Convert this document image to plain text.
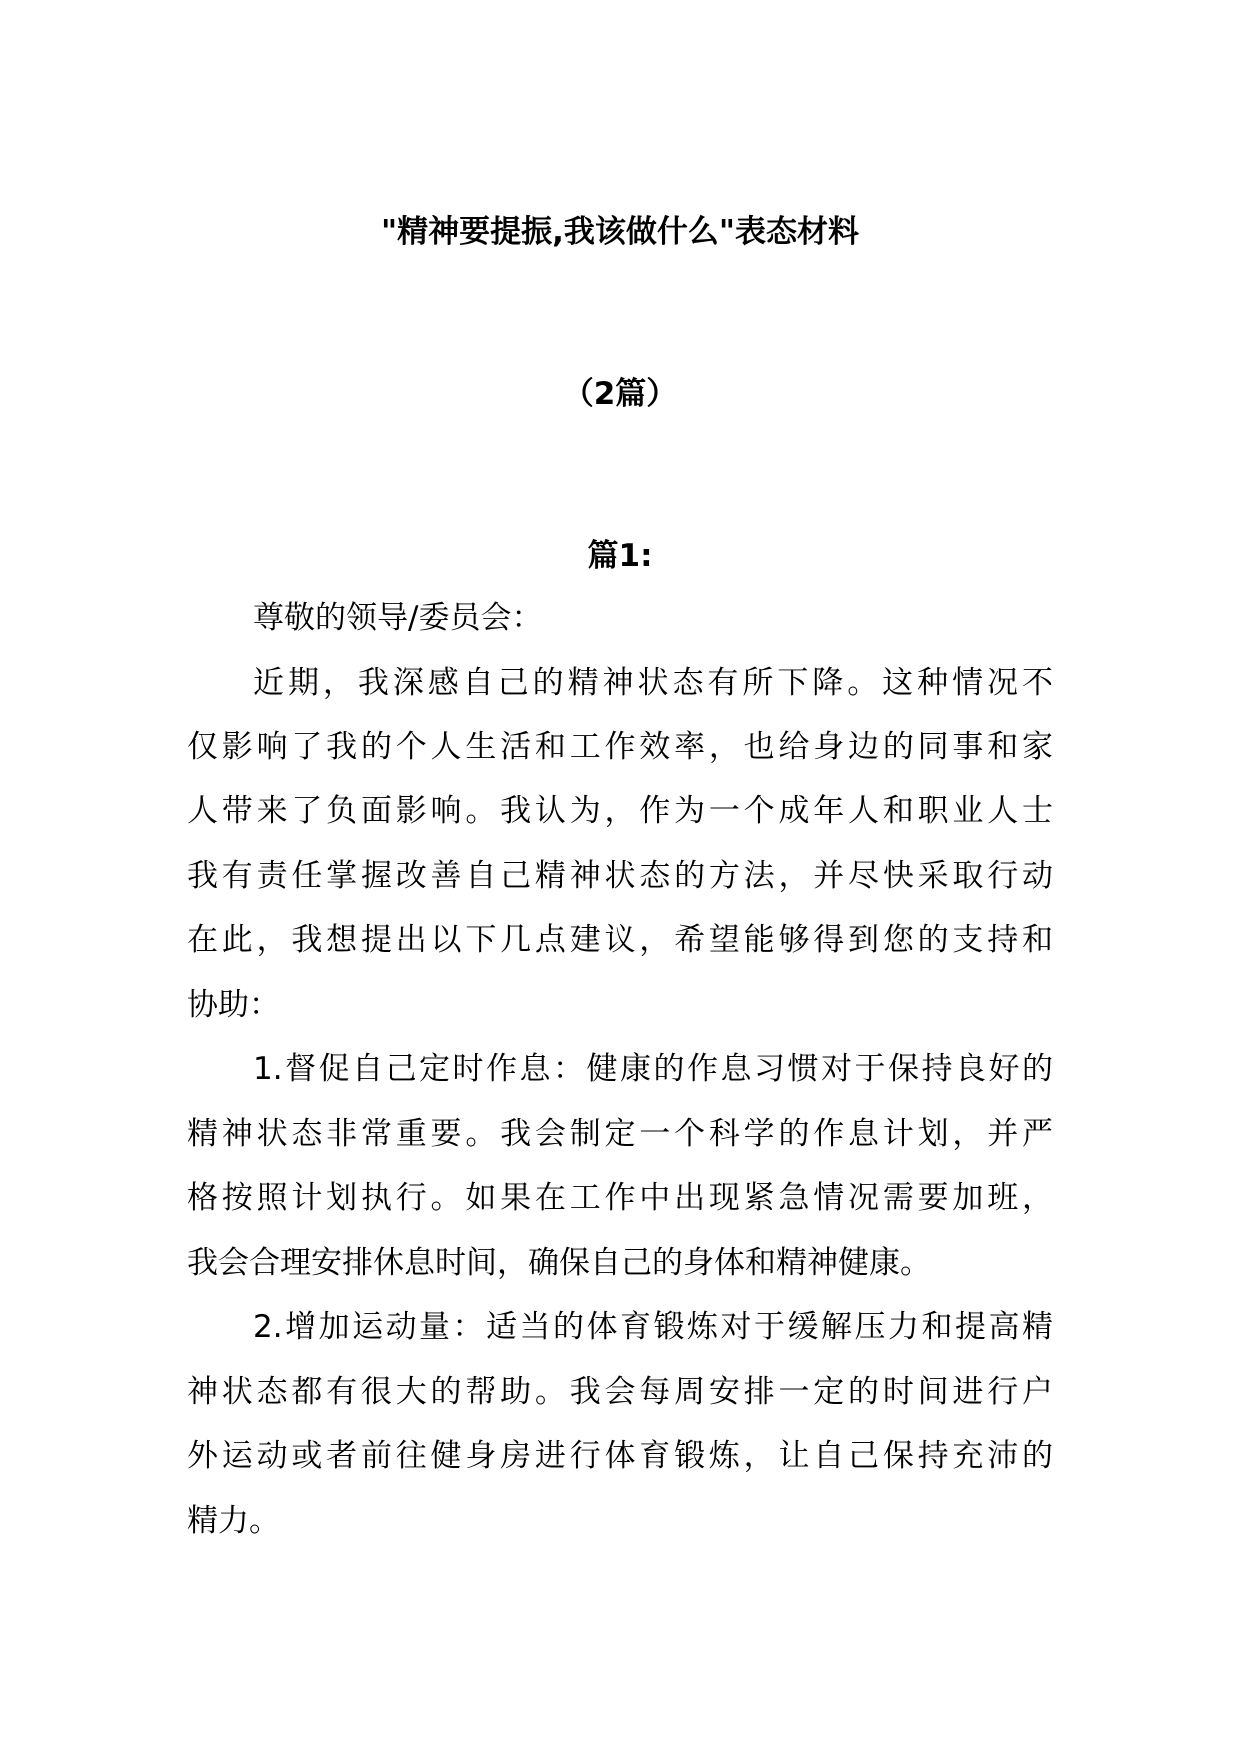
"精神要提振,我该做什么"表态材料
（2篇）
篇1:
尊敬的领导/委员会：
近期，我深感自己的精神状态有所下降。这种情况不
仅影响了我的个人生活和工作效率，也给身边的同事和家
人带来了负面影响。我认为，作为一个成年人和职业人士
我有责任掌握改善自己精神状态的方法，并尽快采取行动
在此，我想提出以下几点建议，希望能够得到您的支持和
协助：
1.督促自己定时作息：健康的作息习惯对于保持良好的
精神状态非常重要。我会制定一个科学的作息计划，并严
格按照计划执行。如果在工作中出现紧急情况需要加班，
我会合理安排休息时间，确保自己的身体和精神健康。
2.增加运动量：适当的体育锻炼对于缓解压力和提高精
神状态都有很大的帮助。我会每周安排一定的时间进行户
外运动或者前往健身房进行体育锻炼，让自己保持充沛的
精力。
